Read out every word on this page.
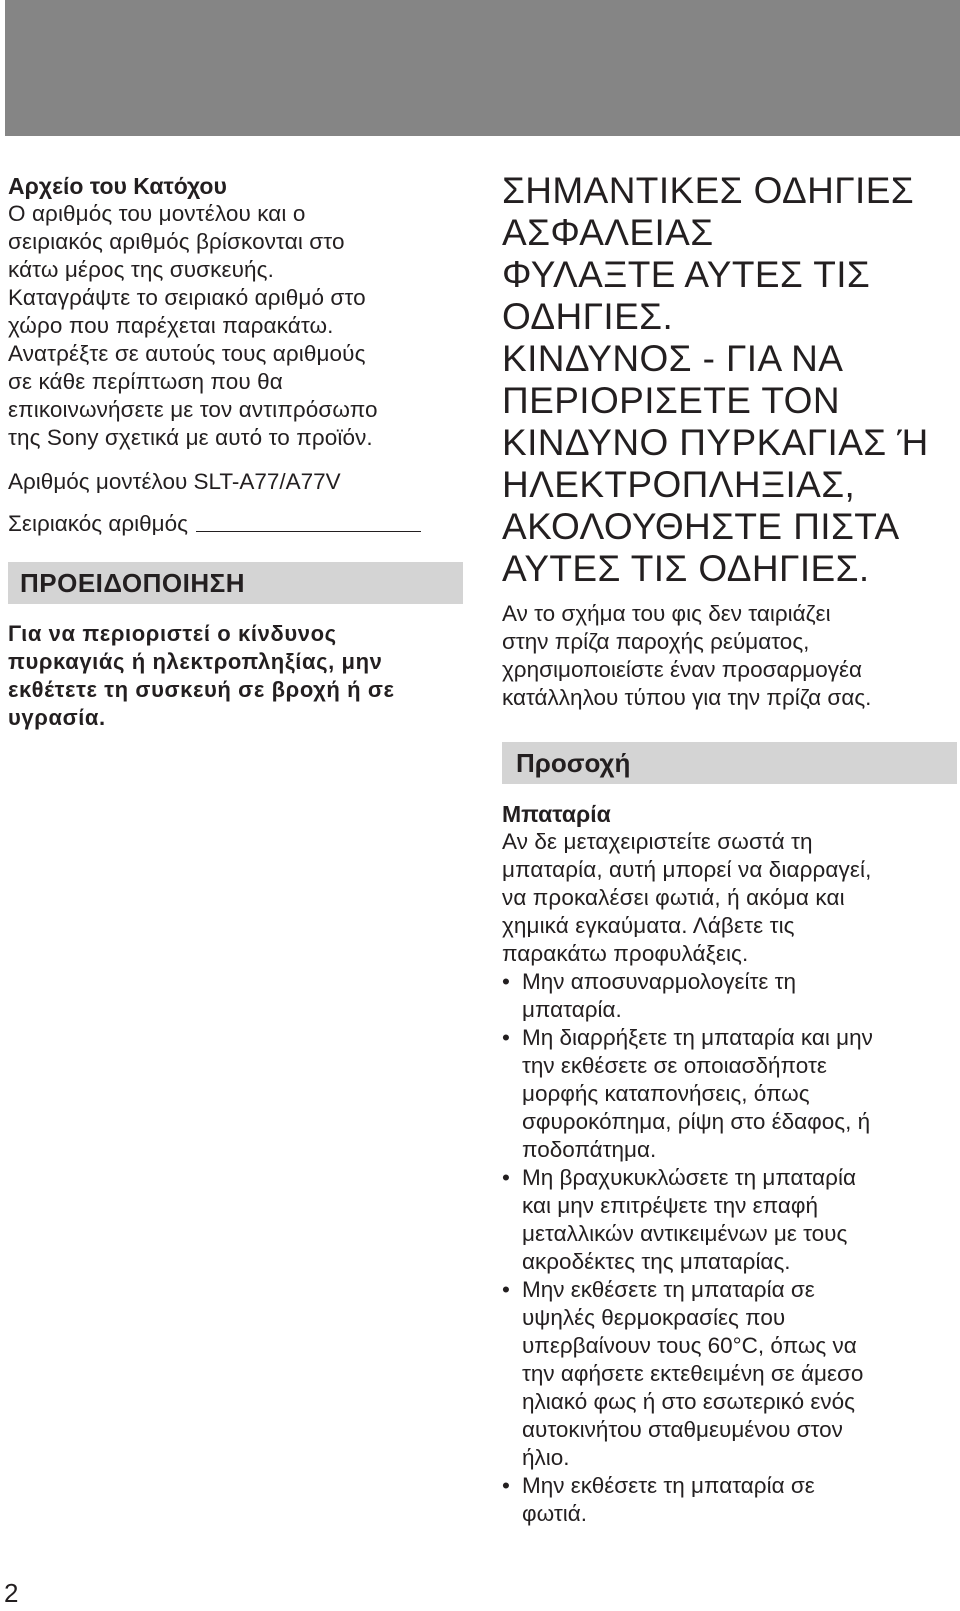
Αρχείο του Κατόχου

Ο αριθμός του μοντέλου και ο

σειριακός αριθμός βρίσκονται στο

κάτω μέρος της συσκευής.

Καταγράψτε το σειριακό αριθμό στο

χώρο που παρέχεται παρακάτω.

Ανατρέξτε σε αυτούς τους αριθμούς

σε κάθε περίπτωση που θα

επικοινωνήσετε με τον αντιπρόσωπο

της Sony σχετικά με αυτό το προϊόν.

Αριθμός μοντέλου SLT-A77/A77V

Σειριακός αριθμός
ΠΡΟΕΙΔΟΠΟΙΗΣΗ
Για να περιοριστεί ο κίνδυνος
πυρκαγιάς ή ηλεκτροπληξίας, μην
εκθέτετε τη συσκευή σε βροχή ή σε
υγρασία.
ΣΗΜΑΝΤΙΚΕΣ ΟΔΗΓΙΕΣ
ΑΣΦΑΛΕΙΑΣ
ΦΥΛΑΞΤΕ ΑΥΤΕΣ ΤΙΣ
ΟΔΗΓΙΕΣ.
ΚΙΝΔΥΝΟΣ - ΓΙΑ ΝΑ
ΠΕΡΙΟΡΙΣΕΤΕ ΤΟΝ
ΚΙΝΔΥΝΟ ΠΥΡΚΑΓΙΑΣ Ή
ΗΛΕΚΤΡΟΠΛΗΞΙΑΣ,
ΑΚΟΛΟΥΘΗΣΤΕ ΠΙΣΤΑ
ΑΥΤΕΣ ΤΙΣ ΟΔΗΓΙΕΣ.
Αν το σχήμα του φις δεν ταιριάζει
στην πρίζα παροχής ρεύματος,
χρησιμοποιείστε έναν προσαρμογέα
κατάλληλου τύπου για την πρίζα σας.
Προσοχή
Μπαταρία

Αν δε μεταχειριστείτε σωστά τη

μπαταρία, αυτή μπορεί να διαρραγεί,

να προκαλέσει φωτιά, ή ακόμα και

χημικά εγκαύματα. Λάβετε τις

παρακάτω προφυλάξεις.

• Μην αποσυναρμολογείτε τη
μπαταρία.
• Μη διαρρήξετε τη μπαταρία και μην
την εκθέσετε σε οποιασδήποτε
μορφής καταπονήσεις, όπως
σφυροκόπημα, ρίψη στο έδαφος, ή
ποδοπάτημα.
• Μη βραχυκυκλώσετε τη μπαταρία
και μην επιτρέψετε την επαφή
μεταλλικών αντικειμένων με τους
ακροδέκτες της μπαταρίας.
• Μην εκθέσετε τη μπαταρία σε
υψηλές θερμοκρασίες που
υπερβαίνουν τους 60°C, όπως να
την αφήσετε εκτεθειμένη σε άμεσο
ηλιακό φως ή στο εσωτερικό ενός
αυτοκινήτου σταθμευμένου στον
ήλιο.
• Μην εκθέσετε τη μπαταρία σε
φωτιά.
2
